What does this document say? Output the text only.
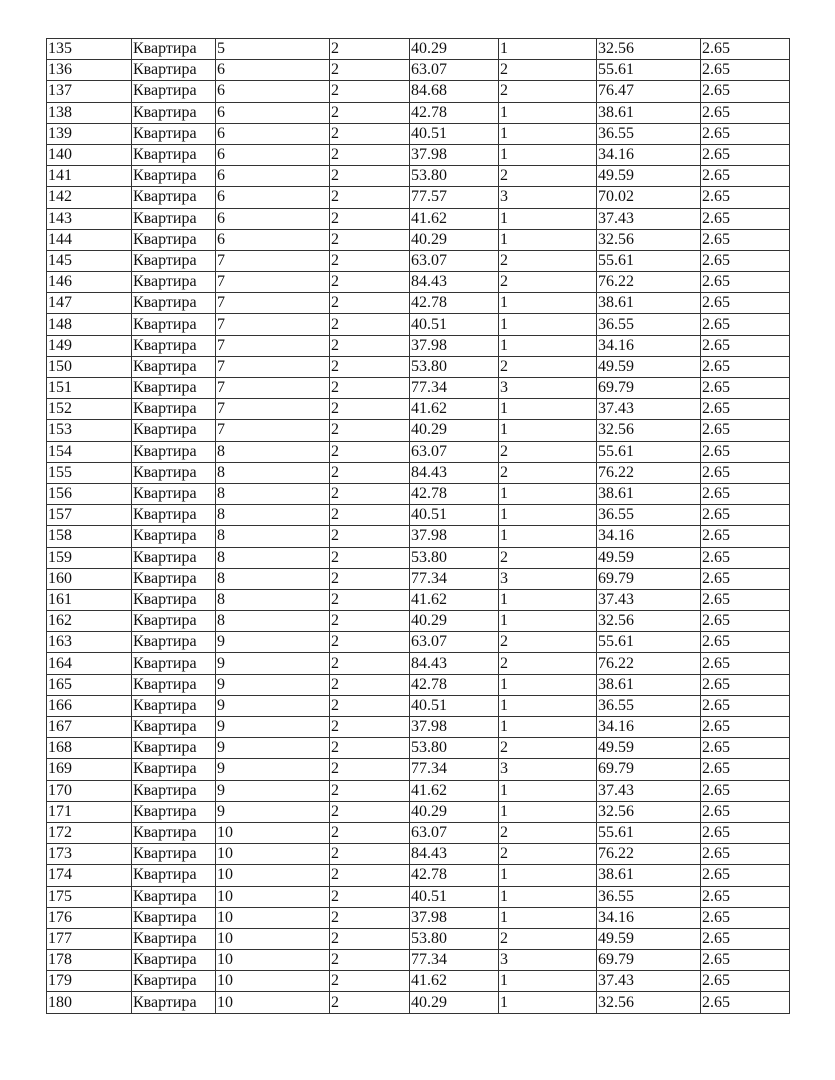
135	Квартира	5	2	40.29	1	32.56	2.65
136	Квартира	6	2	63.07	2	55.61	2.65
137	Квартира	6	2	84.68	2	76.47	2.65
138	Квартира	6	2	42.78	1	38.61	2.65
139	Квартира	6	2	40.51	1	36.55	2.65
140	Квартира	6	2	37.98	1	34.16	2.65
141	Квартира	6	2	53.80	2	49.59	2.65
142	Квартира	6	2	77.57	3	70.02	2.65
143	Квартира	6	2	41.62	1	37.43	2.65
144	Квартира	6	2	40.29	1	32.56	2.65
145	Квартира	7	2	63.07	2	55.61	2.65
146	Квартира	7	2	84.43	2	76.22	2.65
147	Квартира	7	2	42.78	1	38.61	2.65
148	Квартира	7	2	40.51	1	36.55	2.65
149	Квартира	7	2	37.98	1	34.16	2.65
150	Квартира	7	2	53.80	2	49.59	2.65
151	Квартира	7	2	77.34	3	69.79	2.65
152	Квартира	7	2	41.62	1	37.43	2.65
153	Квартира	7	2	40.29	1	32.56	2.65
154	Квартира	8	2	63.07	2	55.61	2.65
155	Квартира	8	2	84.43	2	76.22	2.65
156	Квартира	8	2	42.78	1	38.61	2.65
157	Квартира	8	2	40.51	1	36.55	2.65
158	Квартира	8	2	37.98	1	34.16	2.65
159	Квартира	8	2	53.80	2	49.59	2.65
160	Квартира	8	2	77.34	3	69.79	2.65
161	Квартира	8	2	41.62	1	37.43	2.65
162	Квартира	8	2	40.29	1	32.56	2.65
163	Квартира	9	2	63.07	2	55.61	2.65
164	Квартира	9	2	84.43	2	76.22	2.65
165	Квартира	9	2	42.78	1	38.61	2.65
166	Квартира	9	2	40.51	1	36.55	2.65
167	Квартира	9	2	37.98	1	34.16	2.65
168	Квартира	9	2	53.80	2	49.59	2.65
169	Квартира	9	2	77.34	3	69.79	2.65
170	Квартира	9	2	41.62	1	37.43	2.65
171	Квартира	9	2	40.29	1	32.56	2.65
172	Квартира	10	2	63.07	2	55.61	2.65
173	Квартира	10	2	84.43	2	76.22	2.65
174	Квартира	10	2	42.78	1	38.61	2.65
175	Квартира	10	2	40.51	1	36.55	2.65
176	Квартира	10	2	37.98	1	34.16	2.65
177	Квартира	10	2	53.80	2	49.59	2.65
178	Квартира	10	2	77.34	3	69.79	2.65
179	Квартира	10	2	41.62	1	37.43	2.65
180	Квартира	10	2	40.29	1	32.56	2.65
